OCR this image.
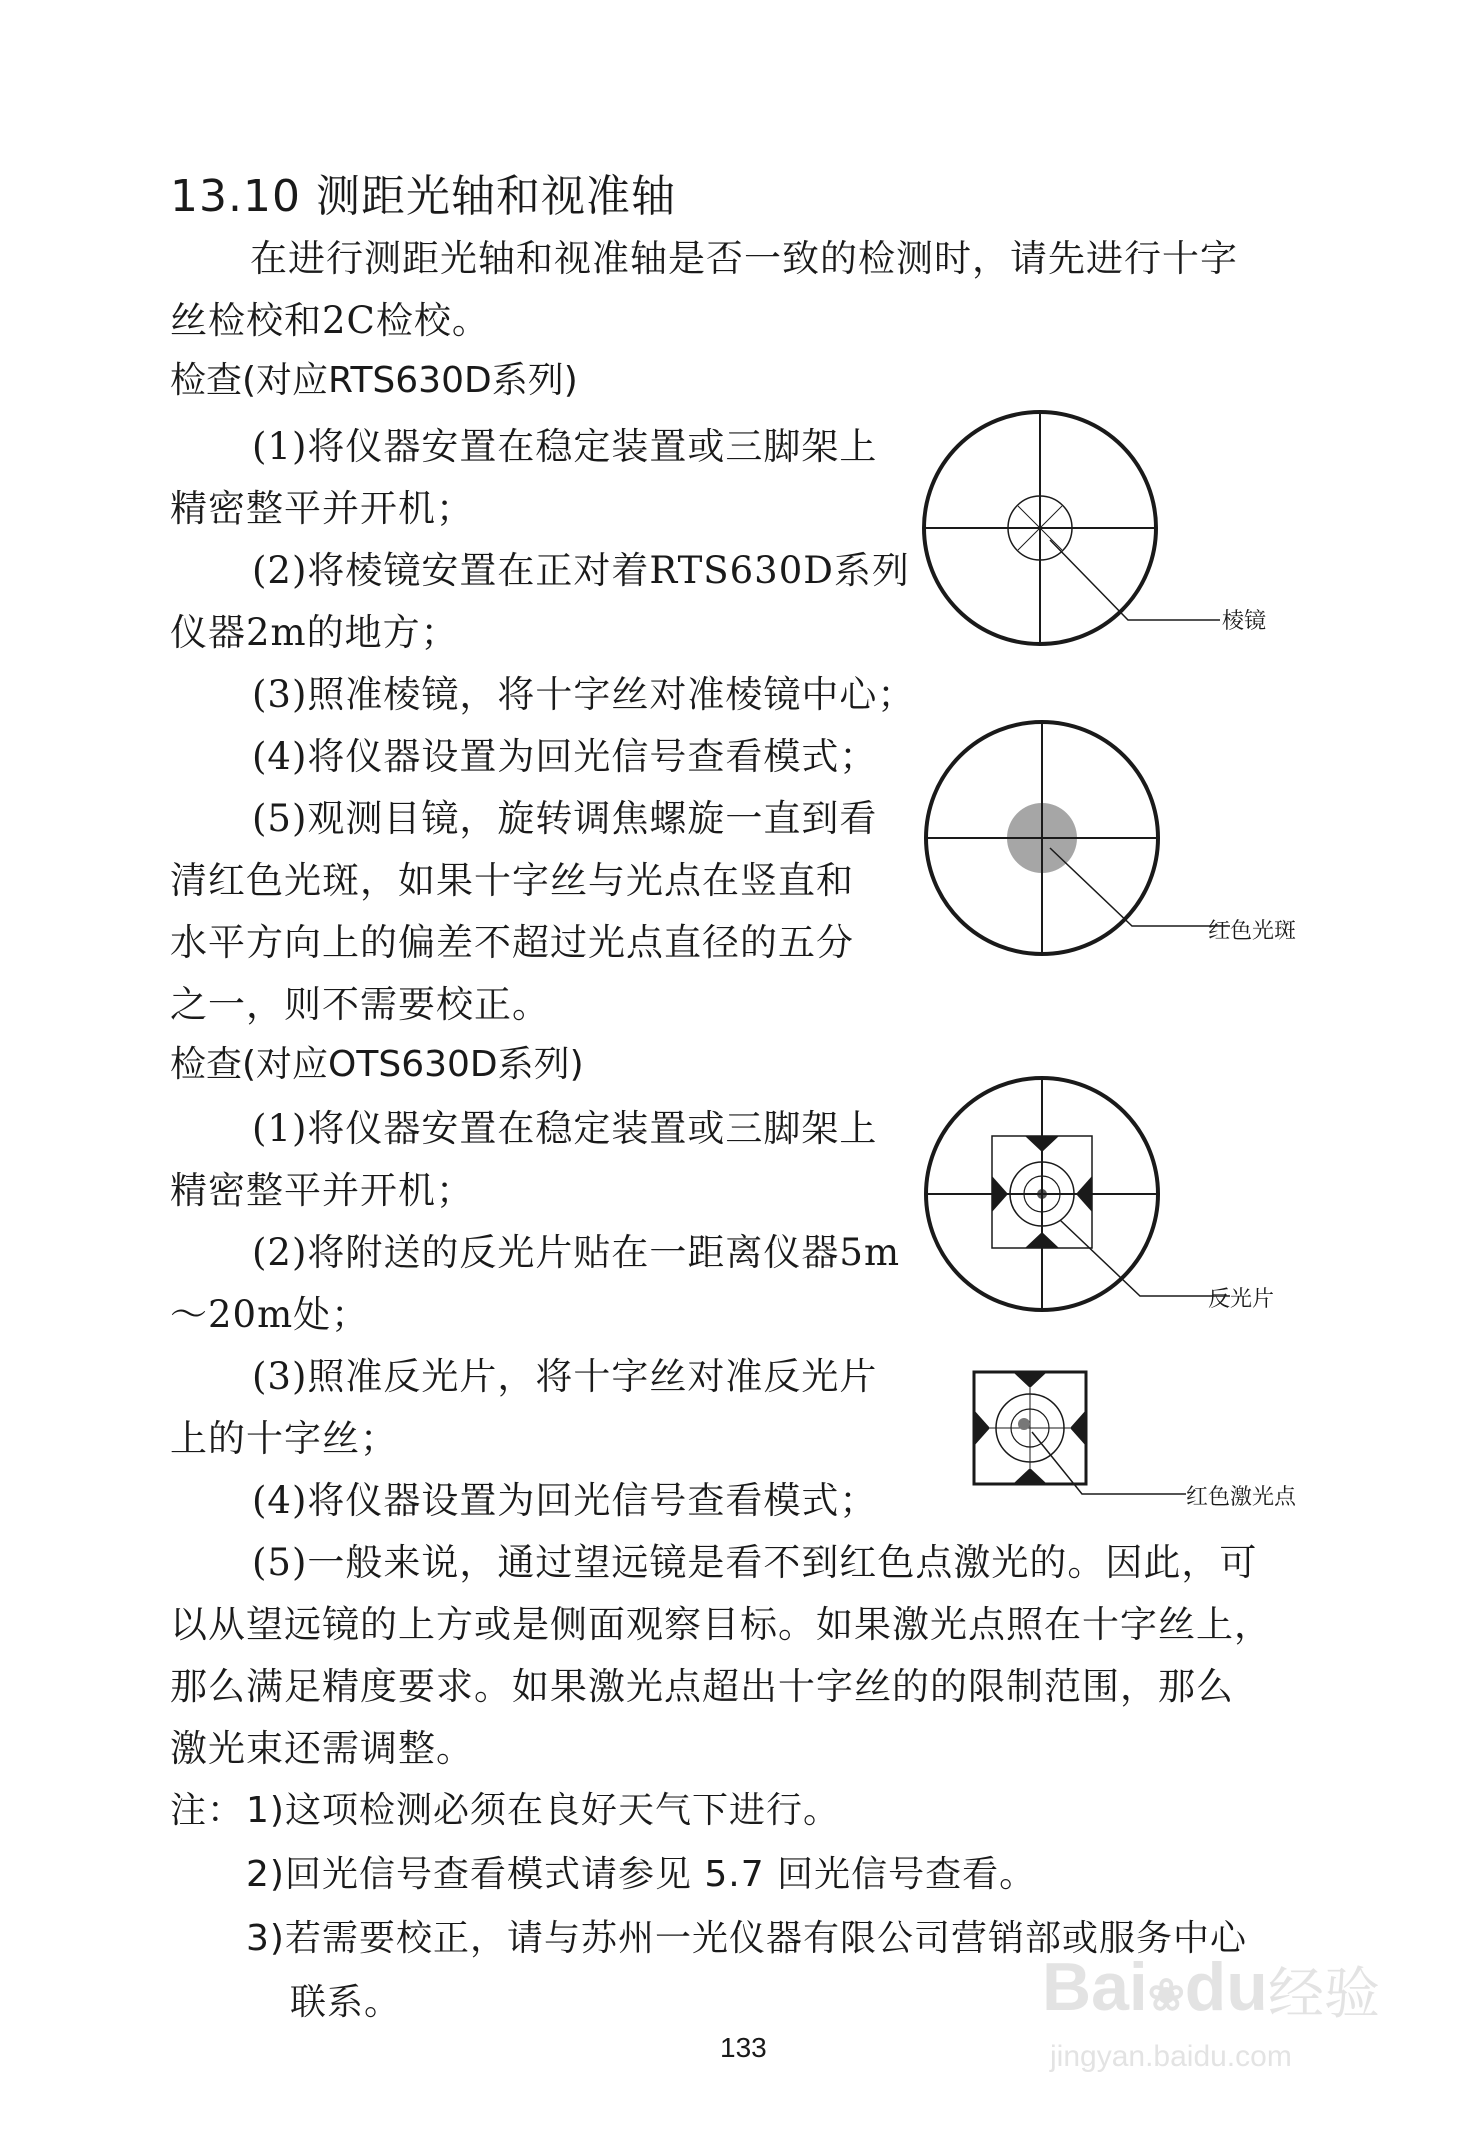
13.10 测距光轴和视准轴
在进行测距光轴和视准轴是否一致的检测时，请先进行十字
丝检校和2C检校。
检查(对应RTS630D系列)
(1)将仪器安置在稳定装置或三脚架上
精密整平并开机；
(2)将棱镜安置在正对着RTS630D系列
仪器2m的地方；
(3)照准棱镜，将十字丝对准棱镜中心；
(4)将仪器设置为回光信号查看模式；
(5)观测目镜，旋转调焦螺旋一直到看
清红色光斑，如果十字丝与光点在竖直和
水平方向上的偏差不超过光点直径的五分
之一，则不需要校正。
检查(对应OTS630D系列)
(1)将仪器安置在稳定装置或三脚架上
精密整平并开机；
(2)将附送的反光片贴在一距离仪器5m
～20m处；
(3)照准反光片，将十字丝对准反光片
上的十字丝；
(4)将仪器设置为回光信号查看模式；
(5)一般来说，通过望远镜是看不到红色点激光的。因此，可
以从望远镜的上方或是侧面观察目标。如果激光点照在十字丝上，
那么满足精度要求。如果激光点超出十字丝的的限制范围，那么
激光束还需调整。
注： 1)这项检测必须在良好天气下进行。
2)回光信号查看模式请参见 5.7 回光信号查看。
3)若需要校正，请与苏州一光仪器有限公司营销部或服务中心
联系。
棱镜
红色光斑
反光片
红色激光点
133
Bai❀du 经验
jingyan.baidu.com
